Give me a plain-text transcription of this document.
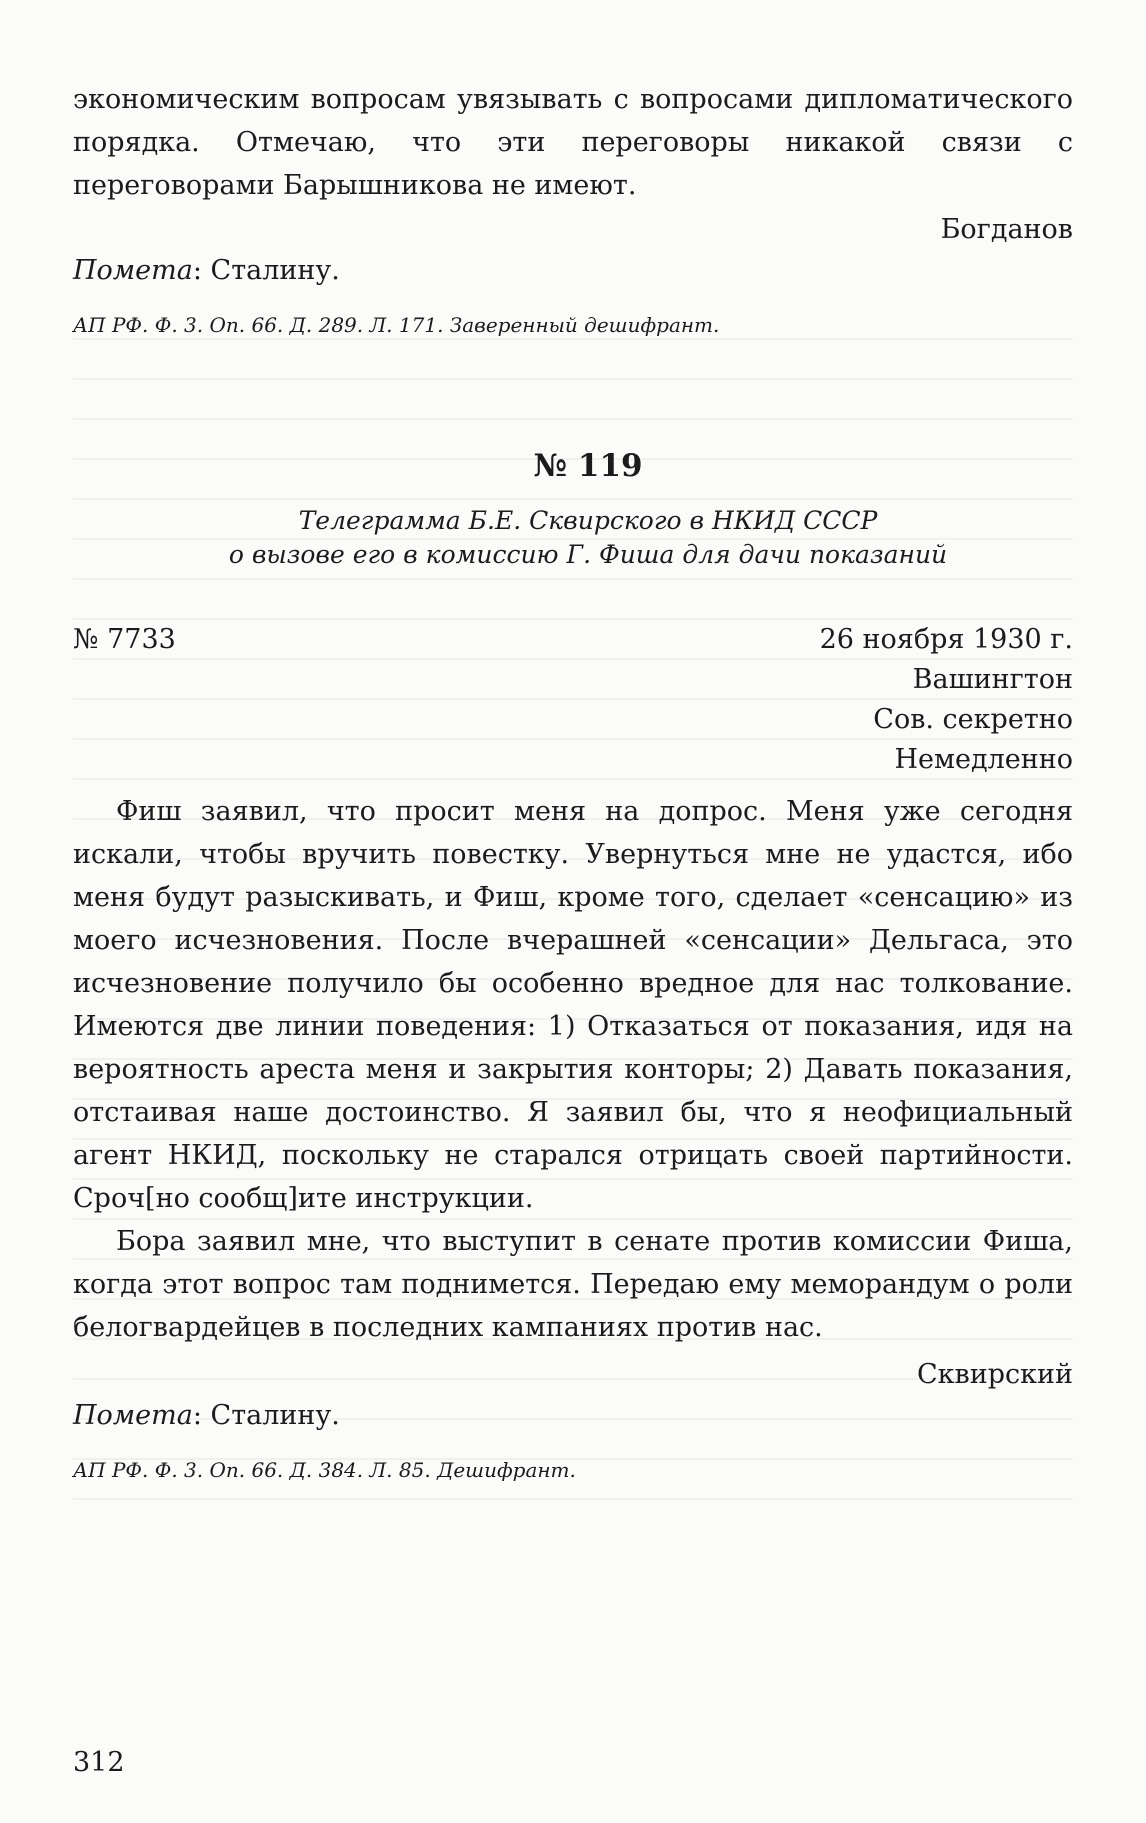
экономическим вопросам увязывать с вопросами дипломатического порядка. Отмечаю, что эти переговоры никакой связи с переговорами Барышникова не имеют.

Богданов

Помета: Сталину.

АП РФ. Ф. 3. Оп. 66. Д. 289. Л. 171. Заверенный дешифрант.

№ 119
Телеграмма Б.Е. Сквирского в НКИД СССР
о вызове его в комиссию Г. Фиша для дачи показаний
№ 7733	26 ноября 1930 г.
Вашингтон
Сов. секретно
Немедленно

Фиш заявил, что просит меня на допрос. Меня уже сегодня искали, чтобы вручить повестку. Увернуться мне не удастся, ибо меня будут разыскивать, и Фиш, кроме того, сделает «сенсацию» из моего исчезновения. После вчерашней «сенсации» Дельгаса, это исчезновение получило бы особенно вредное для нас толкование. Имеются две линии поведения: 1) Отказаться от показания, идя на вероятность ареста меня и закрытия конторы; 2) Давать показания, отстаивая наше достоинство. Я заявил бы, что я неофициальный агент НКИД, поскольку не старался отрицать своей партийности. Сроч[но сообщ]ите инструкции.

Бора заявил мне, что выступит в сенате против комиссии Фиша, когда этот вопрос там поднимется. Передаю ему меморандум о роли белогвардейцев в последних кампаниях против нас.

Сквирский

Помета: Сталину.

АП РФ. Ф. 3. Оп. 66. Д. 384. Л. 85. Дешифрант.

312
